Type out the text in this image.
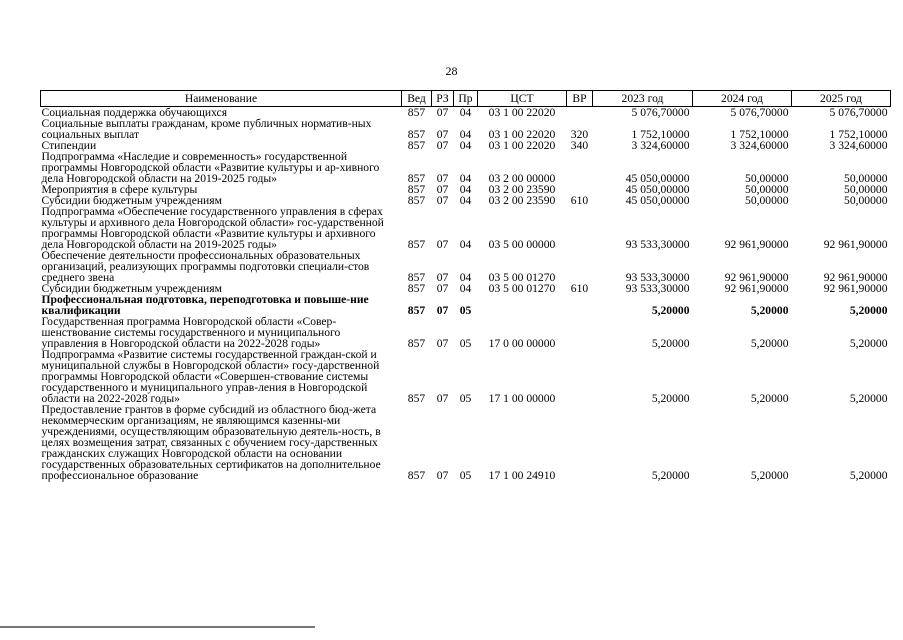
28
Наименование	Вед	РЗ	Пр	ЦСТ	ВР	2023 год	2024 год	2025 год
Социальная поддержка обучающихся	857	07	04	03 1 00 22020		5 076,70000	5 076,70000	5 076,70000
Социальные выплаты гражданам, кроме публичных норматив-ных социальных выплат	857	07	04	03 1 00 22020	320	1 752,10000	1 752,10000	1 752,10000
Стипендии	857	07	04	03 1 00 22020	340	3 324,60000	3 324,60000	3 324,60000
Подпрограмма «Наследие и современность» государственной программы Новгородской области «Развитие культуры и ар-хивного дела Новгородской области на 2019-2025 годы»	857	07	04	03 2 00 00000		45 050,00000	50,00000	50,00000
Мероприятия в сфере культуры	857	07	04	03 2 00 23590		45 050,00000	50,00000	50,00000
Субсидии бюджетным учреждениям	857	07	04	03 2 00 23590	610	45 050,00000	50,00000	50,00000
Подпрограмма «Обеспечение государственного управления в сферах культуры и архивного дела Новгородской области» гос-ударственной программы Новгородской области «Развитие культуры и архивного дела Новгородской области на 2019-2025 годы»	857	07	04	03 5 00 00000		93 533,30000	92 961,90000	92 961,90000
Обеспечение деятельности профессиональных образовательных организаций, реализующих программы подготовки специали-стов среднего звена	857	07	04	03 5 00 01270		93 533,30000	92 961,90000	92 961,90000
Субсидии бюджетным учреждениям	857	07	04	03 5 00 01270	610	93 533,30000	92 961,90000	92 961,90000
Профессиональная подготовка, переподготовка и повыше-ние квалификации	857	07	05			5,20000	5,20000	5,20000
Государственная программа Новгородской области «Совер-шенствование системы государственного и муниципального управления в Новгородской области на 2022-2028 годы»	857	07	05	17 0 00 00000		5,20000	5,20000	5,20000
Подпрограмма «Развитие системы государственной граждан-ской и муниципальной службы в Новгородской области» госу-дарственной программы Новгородской области «Совершен-ствование системы государственного и муниципального управ-ления в Новгородской области на 2022-2028 годы»	857	07	05	17 1 00 00000		5,20000	5,20000	5,20000
Предоставление грантов в форме субсидий из областного бюд-жета некоммерческим организациям, не являющимся казенны-ми учреждениями, осуществляющим образовательную деятель-ность, в целях возмещения затрат, связанных с обучением госу-дарственных гражданских служащих Новгородской области на основании государственных образовательных сертификатов на дополнительное профессиональное образование	857	07	05	17 1 00 24910		5,20000	5,20000	5,20000
